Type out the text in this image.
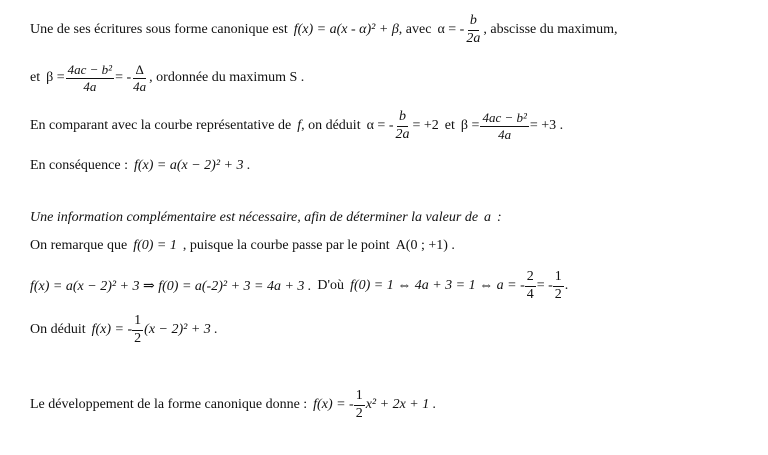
Une de ses écritures sous forme canonique est f(x) = a(x - α)² + β , avec α = - $\frac{b}{2a}$ , abscisse du maximum,
et $\beta = \frac{\text{4ac − b²}}{4a}$ = - $\frac{\Delta}{4a}$ , ordonnée du maximum S .
En comparant avec la courbe représentative de f , on déduit α = - $\frac{b}{2a} = +2$ et $\beta = \frac{\text{4ac − b²}}{4a} = +3$ .
En conséquence : f(x) = a(x − 2)² + 3 .
Une information complémentaire est nécessaire, afin de déterminer la valeur de a :
On remarque que f(0) = 1 , puisque la courbe passe par le point A(0 ; +1) .
f(x) = a(x − 2)² + 3 ⇒ f(0) = a(-2)² + 3 = 4a + 3 . D'où f(0) = 1 ⇔ 4a + 3 = 1 ⇔ a = - $\frac{2}{4}$ = - $\frac{1}{2}$ .
On déduit f(x) = - $\frac{1}{2} (x - 2)^2 + 3$ .
Le développement de la forme canonique donne : f(x) = - $\frac{1}{2} x^2 + 2x + 1$ .
